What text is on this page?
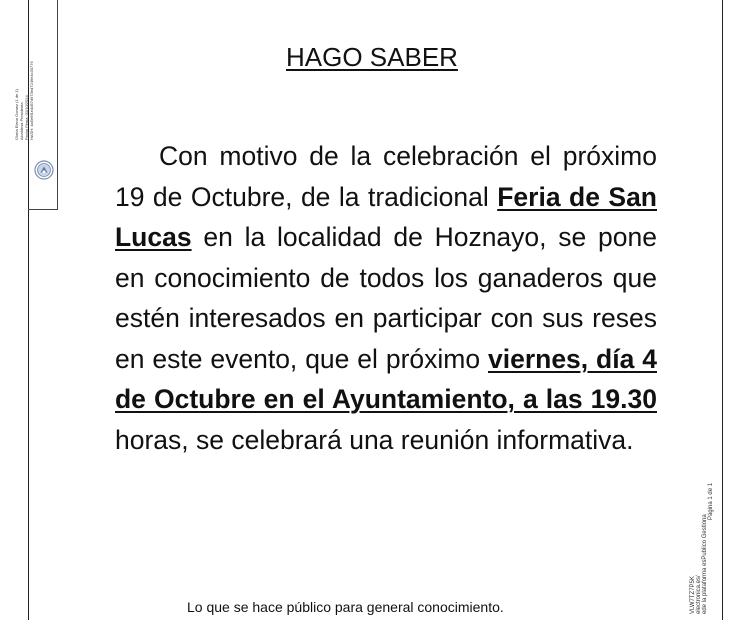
Gloria Elena Gomez (1 de 1) Alcaldesa Presidenta Fecha Firma: 01/10/2024 HASH: 4a5e6f1e4d57d973ed7246e4c30776
VLW7TZ7P5K electronica.es/ ede la plataforma esPublico Gestiona
Página 1 de 1
HAGO SABER

Con motivo de la celebración el próximo 19 de Octubre, de la tradicional Feria de San Lucas en la localidad de Hoznayo, se pone en conocimiento de todos los ganaderos que estén interesados en participar con sus reses en este evento, que el próximo viernes, día 4 de Octubre en el Ayuntamiento, a las 19.30 horas, se celebrará una reunión informativa.

Lo que se hace público para general conocimiento.
